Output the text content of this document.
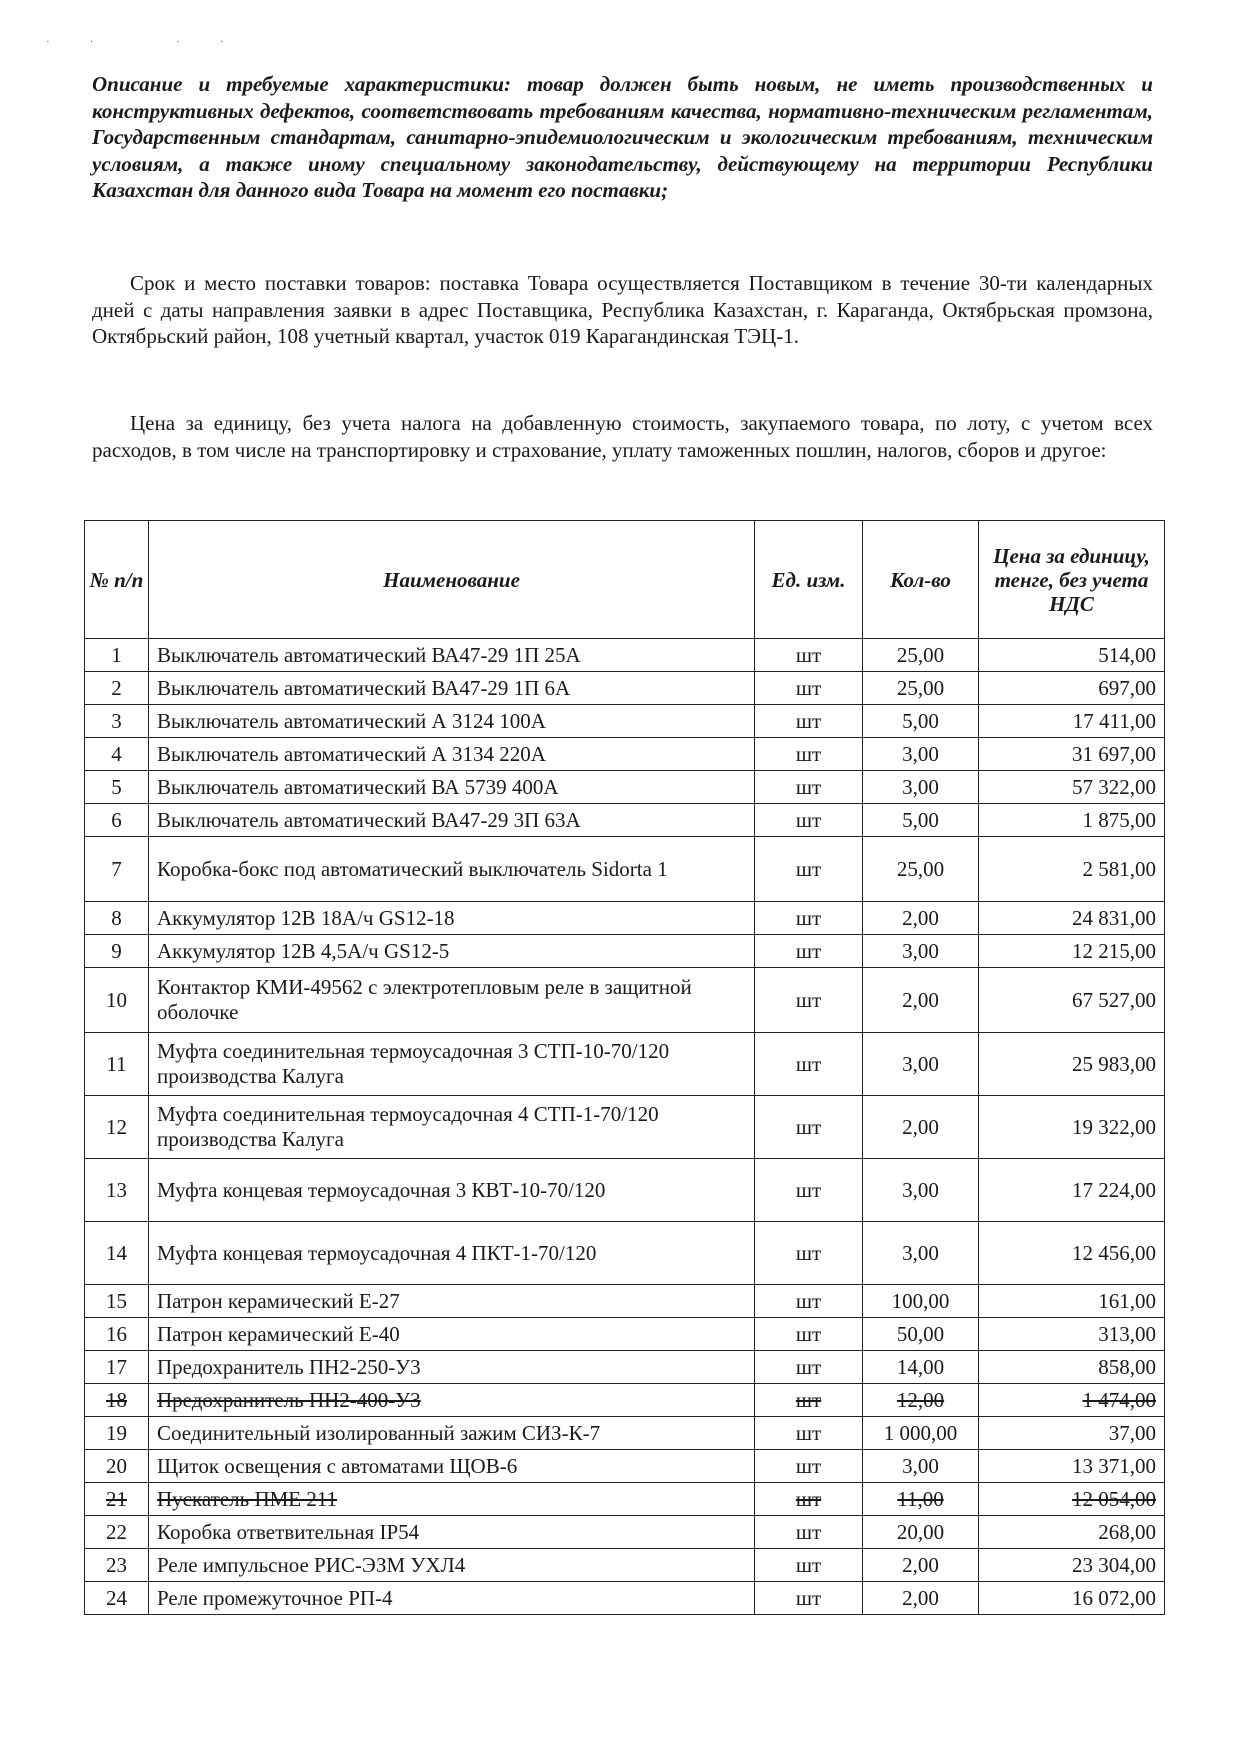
·· ··

Описание и требуемые характеристики: товар должен быть новым, не иметь производственных и конструктивных дефектов, соответствовать требованиям качества, нормативно-техническим регламентам, Государственным стандартам, санитарно-эпидемиологическим и экологическим требованиям, техническим условиям, а также иному специальному законодательству, действующему на территории Республики Казахстан для данного вида Товара на момент его поставки;

Срок и место поставки товаров: поставка Товара осуществляется Поставщиком в течение 30-ти календарных дней с даты направления заявки в адрес Поставщика, Республика Казахстан, г. Караганда, Октябрьская промзона, Октябрьский район, 108 учетный квартал, участок 019 Карагандинская ТЭЦ-1.

Цена за единицу, без учета налога на добавленную стоимость, закупаемого товара, по лоту, с учетом всех расходов, в том числе на транспортировку и страхование, уплату таможенных пошлин, налогов, сборов и другое:

№ п/п	Наименование	Ед. изм.	Кол-во	Цена за единицу, тенге, без учета НДС
1	Выключатель автоматический ВА47-29 1П 25А	шт	25,00	514,00
2	Выключатель автоматический ВА47-29 1П 6А	шт	25,00	697,00
3	Выключатель автоматический А 3124 100А	шт	5,00	17 411,00
4	Выключатель автоматический А 3134 220А	шт	3,00	31 697,00
5	Выключатель автоматический ВА 5739 400А	шт	3,00	57 322,00
6	Выключатель автоматический ВА47-29 3П 63А	шт	5,00	1 875,00
7	Коробка-бокс под автоматический выключатель Sidorta 1	шт	25,00	2 581,00
8	Аккумулятор 12В 18А/ч GS12-18	шт	2,00	24 831,00
9	Аккумулятор 12В 4,5А/ч GS12-5	шт	3,00	12 215,00
10	Контактор КМИ-49562 с электротепловым реле в защитной оболочке	шт	2,00	67 527,00
11	Муфта соединительная термоусадочная 3 СТП-10-70/120 производства Калуга	шт	3,00	25 983,00
12	Муфта соединительная термоусадочная 4 СТП-1-70/120 производства Калуга	шт	2,00	19 322,00
13	Муфта концевая термоусадочная 3 КВТ-10-70/120	шт	3,00	17 224,00
14	Муфта концевая термоусадочная 4 ПКТ-1-70/120	шт	3,00	12 456,00
15	Патрон керамический Е-27	шт	100,00	161,00
16	Патрон керамический Е-40	шт	50,00	313,00
17	Предохранитель ПН2-250-У3	шт	14,00	858,00
18	Предохранитель ПН2-400-У3	шт	12,00	1 474,00
19	Соединительный изолированный зажим СИЗ-К-7	шт	1 000,00	37,00
20	Щиток освещения с автоматами ЩОВ-6	шт	3,00	13 371,00
21	Пускатель ПМЕ 211	шт	11,00	12 054,00
22	Коробка ответвительная IP54	шт	20,00	268,00
23	Реле импульсное РИС-ЭЗМ УХЛ4	шт	2,00	23 304,00
24	Реле промежуточное РП-4	шт	2,00	16 072,00
